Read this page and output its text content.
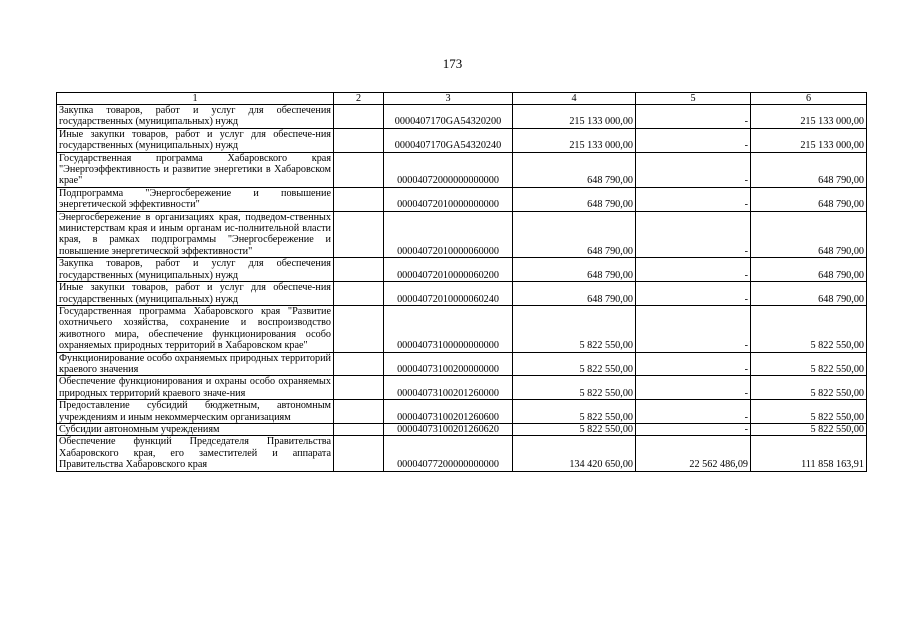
173
1	2	3	4	5	6
Закупка товаров, работ и услуг для обеспечения государственных (муниципальных) нужд		0000407170GA54320200	215 133 000,00	-	215 133 000,00
Иные закупки товаров, работ и услуг для обеспече-ния государственных (муниципальных) нужд		0000407170GA54320240	215 133 000,00	-	215 133 000,00
Государственная программа Хабаровского края "Энергоэффективность и развитие энергетики в Хабаровском крае"		00004072000000000000	648 790,00	-	648 790,00
Подпрограмма "Энергосбережение и повышение энергетической эффективности"		00004072010000000000	648 790,00	-	648 790,00
Энергосбережение в организациях края, подведом-ственных министерствам края и иным органам ис-полнительной власти края, в рамках подпрограммы "Энергосбережение и повышение энергетической эффективности"		00004072010000060000	648 790,00	-	648 790,00
Закупка товаров, работ и услуг для обеспечения государственных (муниципальных) нужд		00004072010000060200	648 790,00	-	648 790,00
Иные закупки товаров, работ и услуг для обеспече-ния государственных (муниципальных) нужд		00004072010000060240	648 790,00	-	648 790,00
Государственная программа Хабаровского края "Развитие охотничьего хозяйства, сохранение и воспроизводство животного мира, обеспечение функционирования особо охраняемых природных территорий в Хабаровском крае"		00004073100000000000	5 822 550,00	-	5 822 550,00
Функционирование особо охраняемых природных территорий краевого значения		00004073100200000000	5 822 550,00	-	5 822 550,00
Обеспечение функционирования и охраны особо охраняемых природных территорий краевого значе-ния		00004073100201260000	5 822 550,00	-	5 822 550,00
Предоставление субсидий бюджетным, автономным учреждениям и иным некоммерческим организациям		00004073100201260600	5 822 550,00	-	5 822 550,00
Субсидии автономным учреждениям		00004073100201260620	5 822 550,00	-	5 822 550,00
Обеспечение функций Председателя Правительства Хабаровского края, его заместителей и аппарата Правительства Хабаровского края		00004077200000000000	134 420 650,00	22 562 486,09	111 858 163,91
